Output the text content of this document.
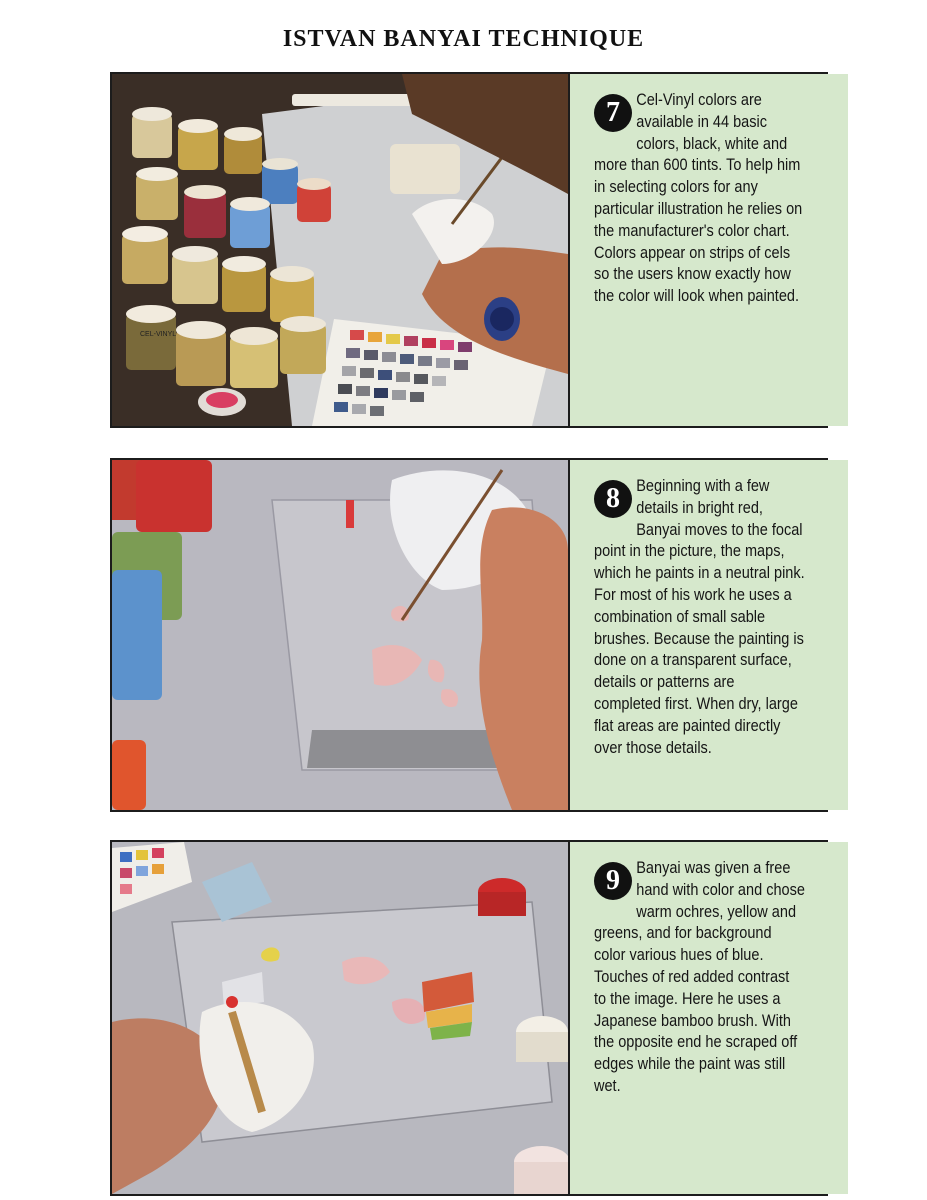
ISTVAN BANYAI TECHNIQUE
CEL-VINYL
7 Cel-Vinyl colors are available in 44 basic colors, black, white and more than 600 tints. To help him in selecting colors for any particular illustration he relies on the manufacturer's color chart. Colors appear on strips of cels so the users know exactly how the color will look when painted.

8 Beginning with a few details in bright red, Banyai moves to the focal point in the picture, the maps, which he paints in a neutral pink. For most of his work he uses a combination of small sable brushes. Because the painting is done on a transparent surface, details or patterns are completed first. When dry, large flat areas are painted directly over those details.

9 Banyai was given a free hand with color and chose warm ochres, yellow and greens, and for background color various hues of blue. Touches of red added contrast to the image. Here he uses a Japanese bamboo brush. With the opposite end he scraped off edges while the paint was still wet.
